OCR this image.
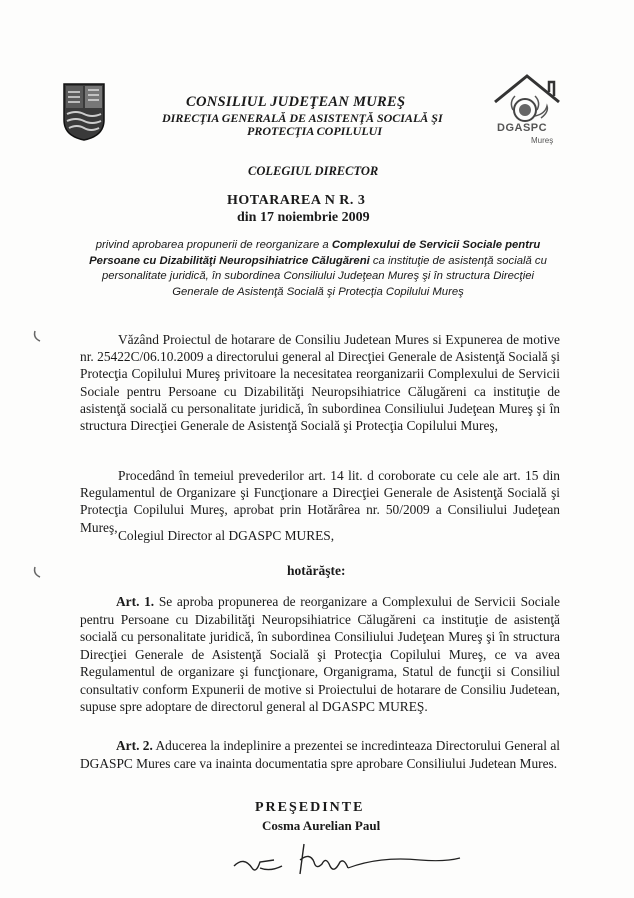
DGASPC
Mureş
CONSILIUL JUDEŢEAN MUREŞ
DIRECŢIA GENERALĂ DE ASISTENŢĂ SOCIALĂ ŞI
PROTECŢIA COPILULUI
COLEGIUL DIRECTOR
HOTARAREA N R. 3
din 17 noiembrie 2009
privind aprobarea propunerii de reorganizare a Complexului de Servicii Sociale pentru Persoane cu Dizabilităţi Neuropsihiatrice Călugăreni ca instituţie de asistenţă socială cu personalitate juridică, în subordinea Consiliului Judeţean Mureş şi în structura Direcţiei Generale de Asistenţă Socială şi Protecţia Copilului Mureş
Văzând Proiectul de hotarare de Consiliu Judetean Mures si Expunerea de motive nr. 25422C/06.10.2009 a directorului general al Direcţiei Generale de Asistenţă Socială şi Protecţia Copilului Mureş privitoare la necesitatea reorganizarii Complexului de Servicii Sociale pentru Persoane cu Dizabilităţi Neuropsihiatrice Călugăreni ca instituţie de asistenţă socială cu personalitate juridică, în subordinea Consiliului Judeţean Mureş şi în structura Direcţiei Generale de Asistenţă Socială şi Protecţia Copilului Mureş,
Procedând în temeiul prevederilor art. 14 lit. d coroborate cu cele ale art. 15 din Regulamentul de Organizare şi Funcţionare a Direcţiei Generale de Asistenţă Socială şi Protecţia Copilului Mureş, aprobat prin Hotărârea nr. 50/2009 a Consiliului Judeţean Mureş,
Colegiul Director al DGASPC MURES,
hotărăşte:
Art. 1. Se aproba propunerea de reorganizare a Complexului de Servicii Sociale pentru Persoane cu Dizabilităţi Neuropsihiatrice Călugăreni ca instituţie de asistenţă socială cu personalitate juridică, în subordinea Consiliului Judeţean Mureş şi în structura Direcţiei Generale de Asistenţă Socială şi Protecţia Copilului Mureş, ce va avea Regulamentul de organizare şi funcţionare, Organigrama, Statul de funcţii si Consiliul consultativ conform Expunerii de motive si Proiectului de hotarare de Consiliu Judetean, supuse spre adoptare de directorul general al DGASPC MUREŞ.
Art. 2. Aducerea la indeplinire a prezentei se incredinteaza Directorului General al DGASPC Mures care va inainta documentatia spre aprobare Consiliului Judetean Mures.
PREŞEDINTE
Cosma Aurelian Paul
